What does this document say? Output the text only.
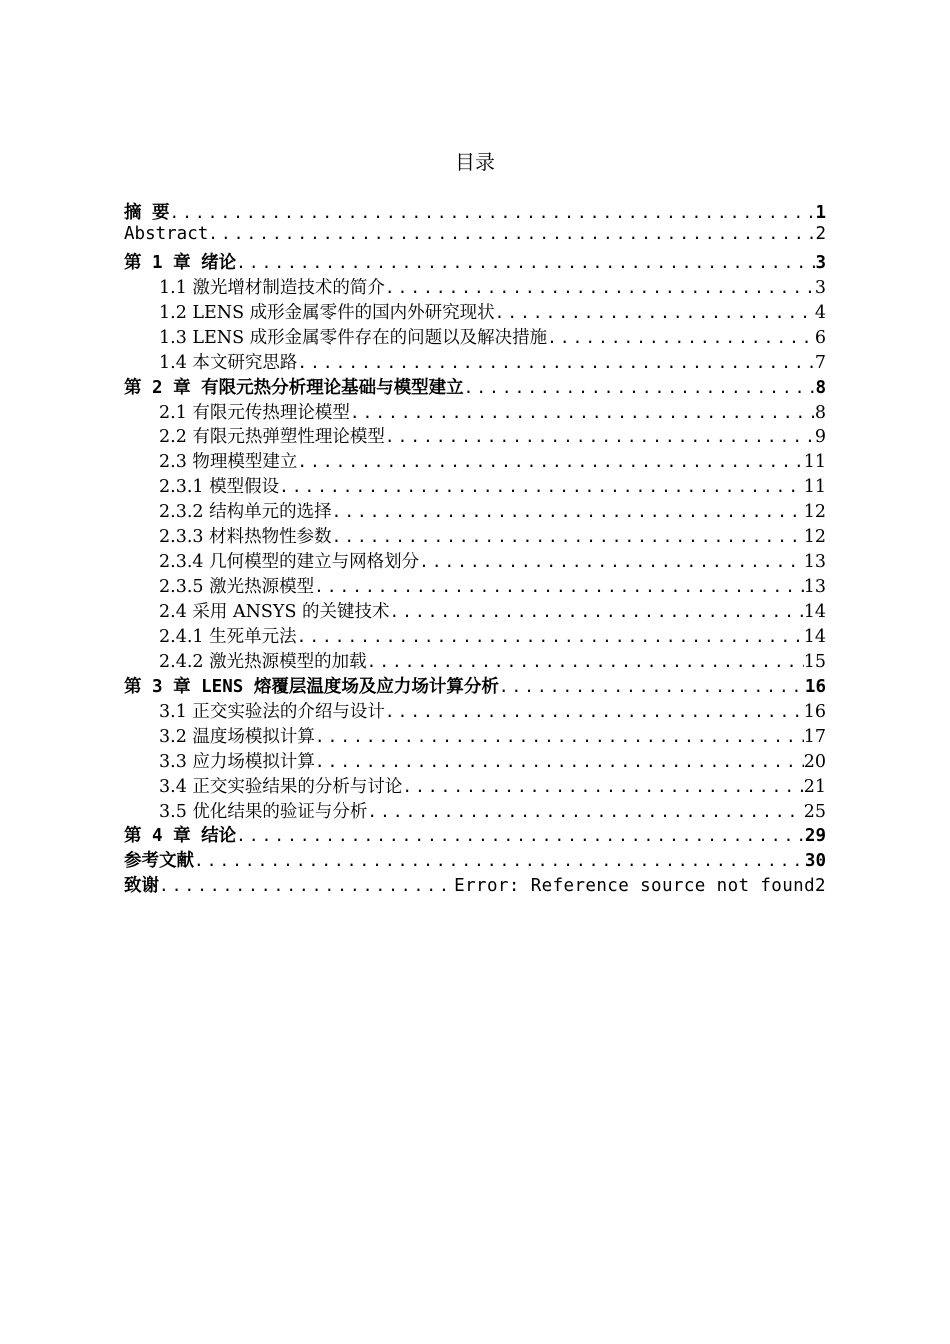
目录
摘 要 .....	1
Abstract .....	2
第 1 章 绪论 .....	3
1.1 激光增材制造技术的简介 .....	3
1.2 LENS 成形金属零件的国内外研究现状 .....	4
1.3 LENS 成形金属零件存在的问题以及解决措施 .....	6
1.4 本文研究思路 .....	7
第 2 章 有限元热分析理论基础与模型建立 .....	8
2.1 有限元传热理论模型 .....	8
2.2 有限元热弹塑性理论模型 .....	9
2.3 物理模型建立 .....	11
2.3.1 模型假设 .....	11
2.3.2 结构单元的选择 .....	12
2.3.3 材料热物性参数 .....	12
2.3.4 几何模型的建立与网格划分 .....	13
2.3.5 激光热源模型 .....	13
2.4 采用 ANSYS 的关键技术 .....	14
2.4.1 生死单元法 .....	14
2.4.2 激光热源模型的加载 .....	15
第 3 章 LENS 熔覆层温度场及应力场计算分析 .....	16
3.1 正交实验法的介绍与设计 .....	16
3.2 温度场模拟计算 .....	17
3.3 应力场模拟计算 .....	20
3.4 正交实验结果的分析与讨论 .....	21
3.5 优化结果的验证与分析 .....	25
第 4 章 结论 .....	29
参考文献 .....	30
致谢 .....	Error: Reference source not found2
